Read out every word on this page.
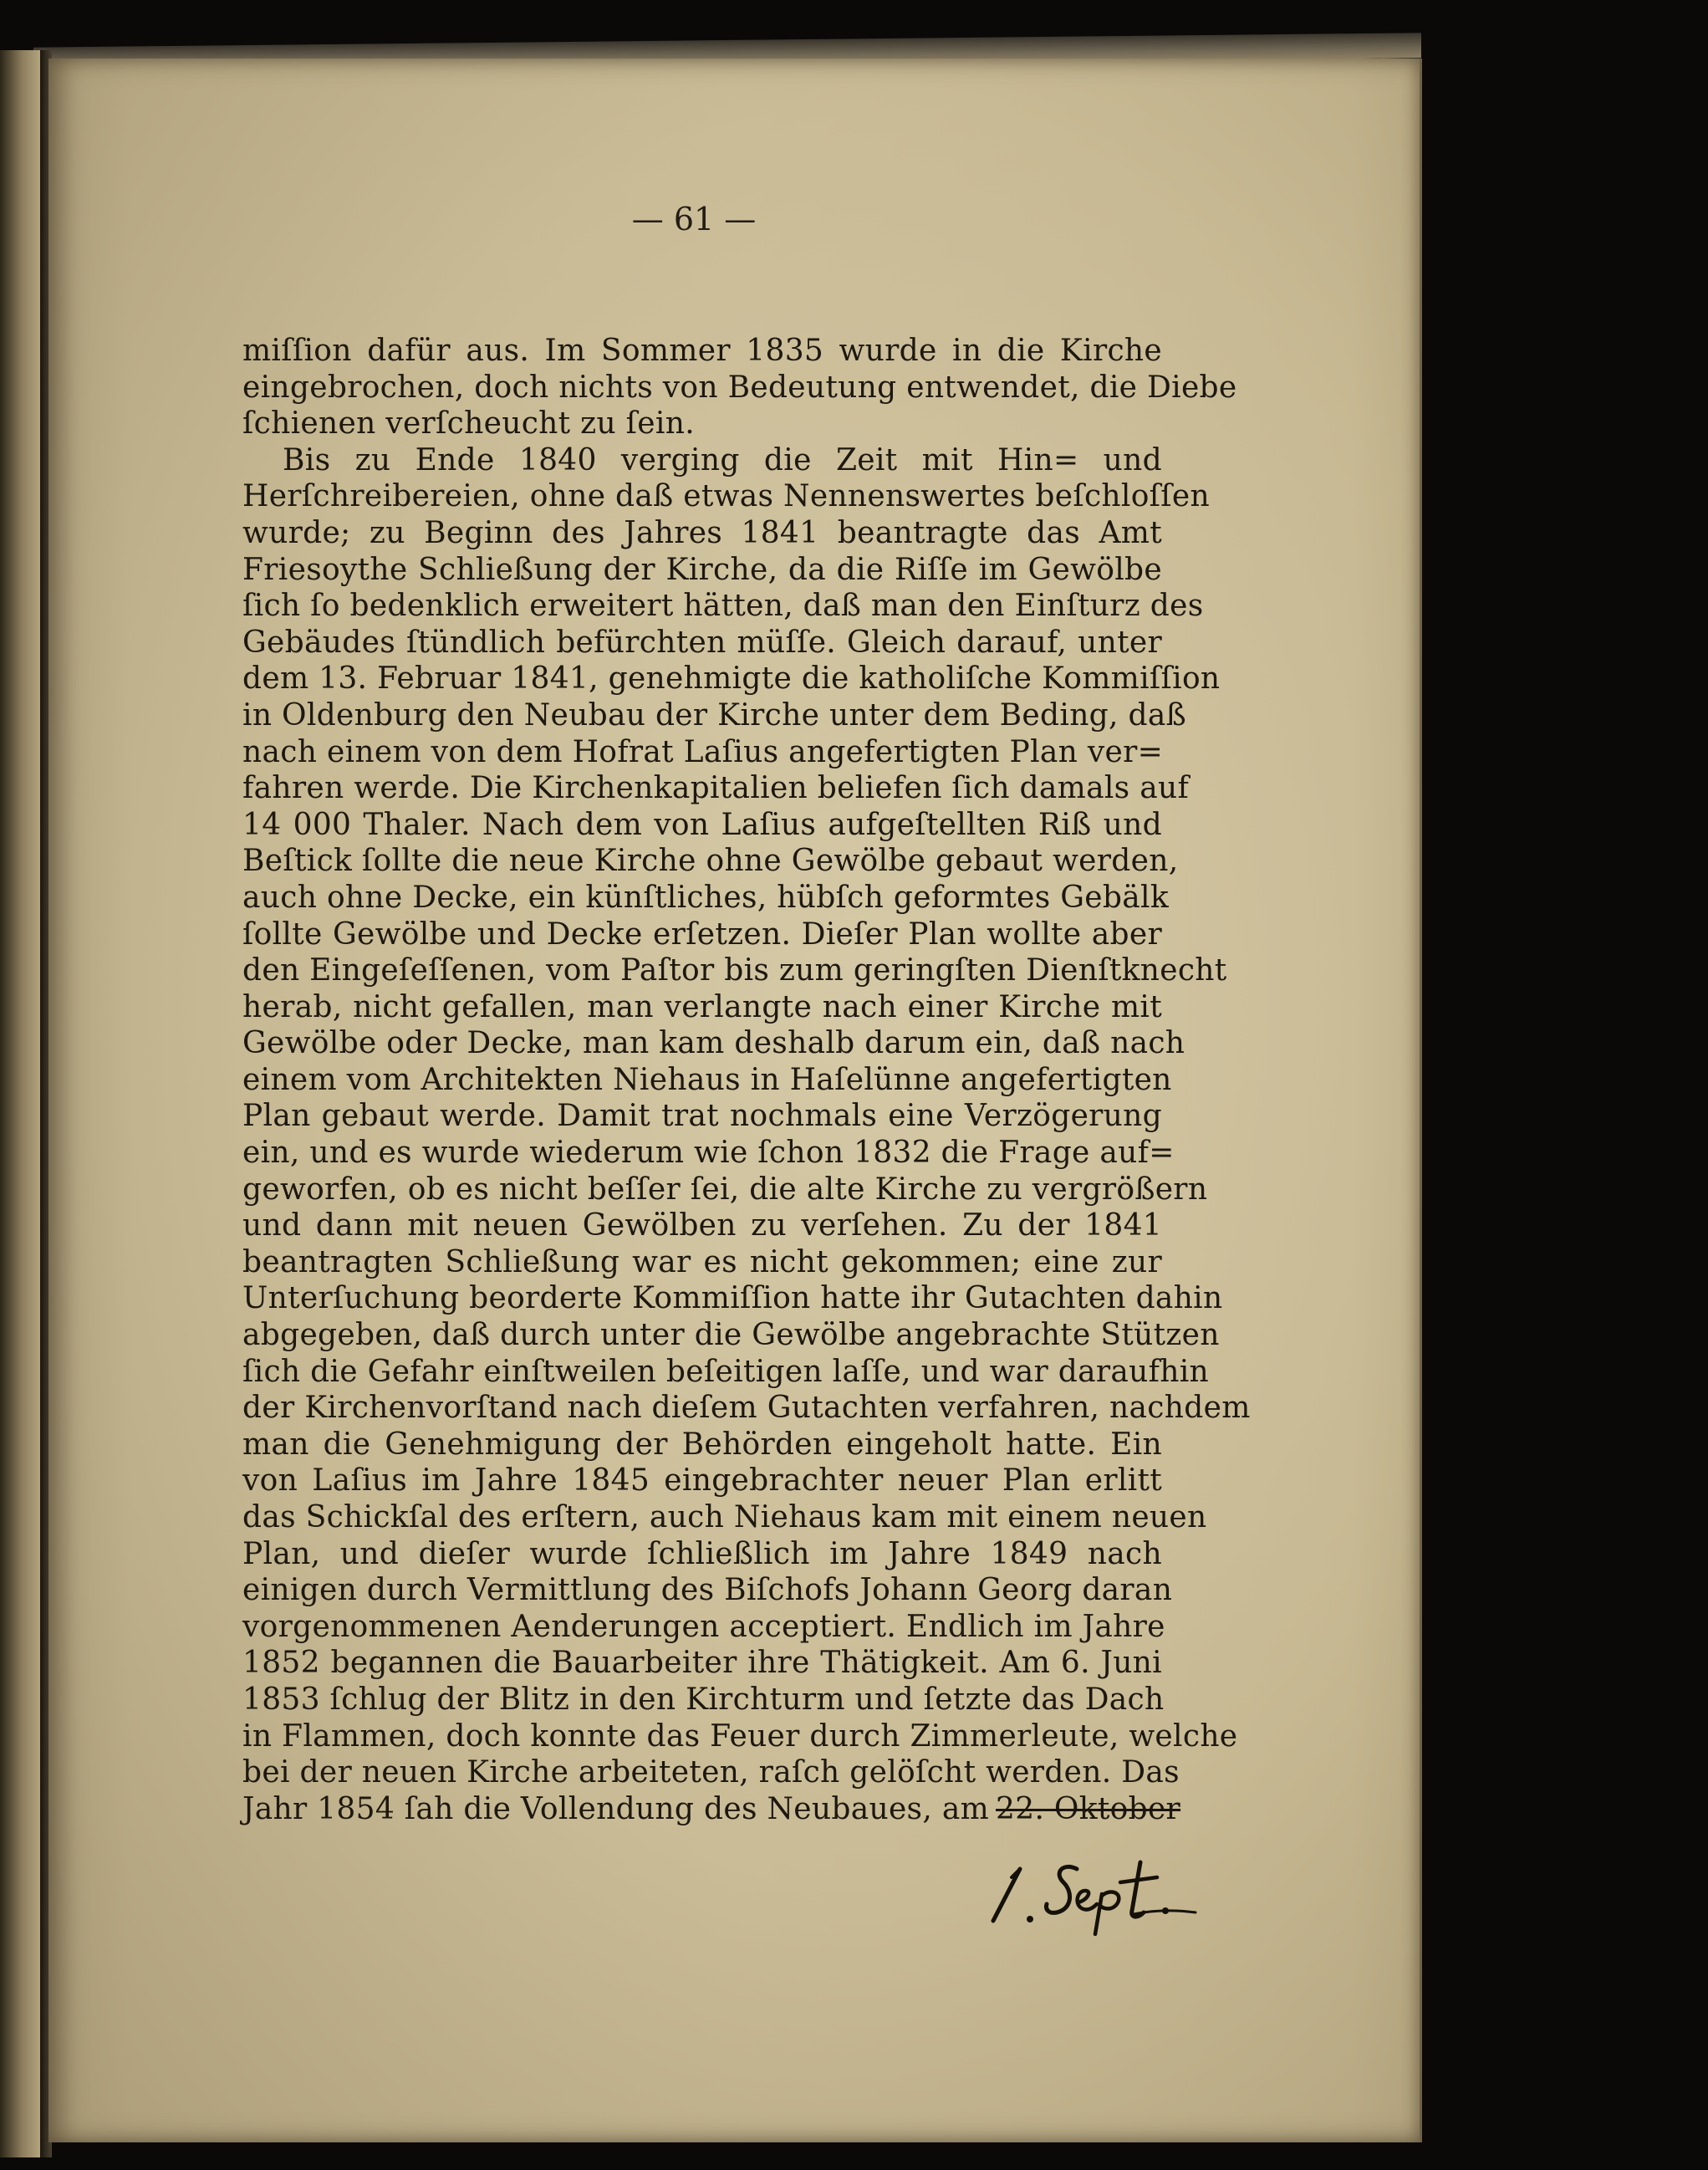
— 61 —
miſſion dafür aus. Im Sommer 1835 wurde in die Kirche
eingebrochen, doch nichts von Bedeutung entwendet, die Diebe
ſchienen verſcheucht zu ſein.
Bis zu Ende 1840 verging die Zeit mit Hin= und
Herſchreibereien, ohne daß etwas Nennenswertes beſchloſſen
wurde; zu Beginn des Jahres 1841 beantragte das Amt
Friesoythe Schließung der Kirche, da die Riſſe im Gewölbe
ſich ſo bedenklich erweitert hätten, daß man den Einſturz des
Gebäudes ſtündlich befürchten müſſe. Gleich darauf, unter
dem 13. Februar 1841, genehmigte die katholiſche Kommiſſion
in Oldenburg den Neubau der Kirche unter dem Beding, daß
nach einem von dem Hofrat Laſius angefertigten Plan ver=
fahren werde. Die Kirchenkapitalien beliefen ſich damals auf
14 000 Thaler. Nach dem von Laſius aufgeſtellten Riß und
Beſtick ſollte die neue Kirche ohne Gewölbe gebaut werden,
auch ohne Decke, ein künſtliches, hübſch geformtes Gebälk
ſollte Gewölbe und Decke erſetzen. Dieſer Plan wollte aber
den Eingeſeſſenen, vom Paſtor bis zum geringſten Dienſtknecht
herab, nicht gefallen, man verlangte nach einer Kirche mit
Gewölbe oder Decke, man kam deshalb darum ein, daß nach
einem vom Architekten Niehaus in Haſelünne angefertigten
Plan gebaut werde. Damit trat nochmals eine Verzögerung
ein, und es wurde wiederum wie ſchon 1832 die Frage auf=
geworfen, ob es nicht beſſer ſei, die alte Kirche zu vergrößern
und dann mit neuen Gewölben zu verſehen. Zu der 1841
beantragten Schließung war es nicht gekommen; eine zur
Unterſuchung beorderte Kommiſſion hatte ihr Gutachten dahin
abgegeben, daß durch unter die Gewölbe angebrachte Stützen
ſich die Gefahr einſtweilen beſeitigen laſſe, und war daraufhin
der Kirchenvorſtand nach dieſem Gutachten verfahren, nachdem
man die Genehmigung der Behörden eingeholt hatte. Ein
von Laſius im Jahre 1845 eingebrachter neuer Plan erlitt
das Schickſal des erſtern, auch Niehaus kam mit einem neuen
Plan, und dieſer wurde ſchließlich im Jahre 1849 nach
einigen durch Vermittlung des Biſchofs Johann Georg daran
vorgenommenen Aenderungen acceptiert. Endlich im Jahre
1852 begannen die Bauarbeiter ihre Thätigkeit. Am 6. Juni
1853 ſchlug der Blitz in den Kirchturm und ſetzte das Dach
in Flammen, doch konnte das Feuer durch Zimmerleute, welche
bei der neuen Kirche arbeiteten, raſch gelöſcht werden. Das
Jahr 1854 ſah die Vollendung des Neubaues, am 22. Oktober
